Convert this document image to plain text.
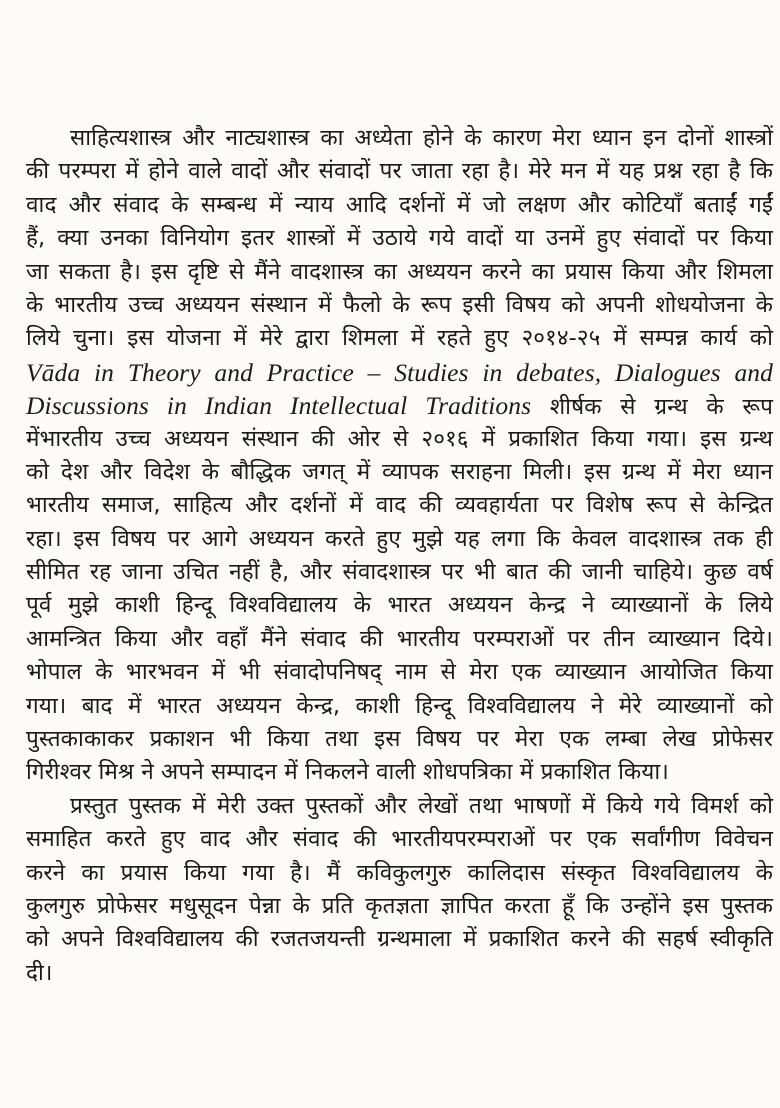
साहित्यशास्त्र और नाट्यशास्त्र का अध्येता होने के कारण मेरा ध्यान इन दोनों शास्त्रों
की परम्परा में होने वाले वादों और संवादों पर जाता रहा है। मेरे मन में यह प्रश्न रहा है कि
वाद और संवाद के सम्बन्ध में न्याय आदि दर्शनों में जो लक्षण और कोटियाँ बताईं गईं
हैं, क्या उनका विनियोग इतर शास्त्रों में उठाये गये वादों या उनमें हुए संवादों पर किया
जा सकता है। इस दृष्टि से मैंने वादशास्त्र का अध्ययन करने का प्रयास किया और शिमला
के भारतीय उच्च अध्ययन संस्थान में फैलो के रूप इसी विषय को अपनी शोधयोजना के
लिये चुना। इस योजना में मेरे द्वारा शिमला में रहते हुए २०१४-२५ में सम्पन्न कार्य को
Vāda in Theory and Practice – Studies in debates, Dialogues and
Discussions in Indian Intellectual Traditions शीर्षक से ग्रन्थ के रूप
मेंभारतीय उच्च अध्ययन संस्थान की ओर से २०१६ में प्रकाशित किया गया। इस ग्रन्थ
को देश और विदेश के बौद्धिक जगत् में व्यापक सराहना मिली। इस ग्रन्थ में मेरा ध्यान
भारतीय समाज, साहित्य और दर्शनों में वाद की व्यवहार्यता पर विशेष रूप से केन्द्रित
रहा। इस विषय पर आगे अध्ययन करते हुए मुझे यह लगा कि केवल वादशास्त्र तक ही
सीमित रह जाना उचित नहीं है, और संवादशास्त्र पर भी बात की जानी चाहिये। कुछ वर्ष
पूर्व मुझे काशी हिन्दू विश्वविद्यालय के भारत अध्ययन केन्द्र ने व्याख्यानों के लिये
आमन्त्रित किया और वहाँ मैंने संवाद की भारतीय परम्पराओं पर तीन व्याख्यान दिये।
भोपाल के भारभवन में भी संवादोपनिषद् नाम से मेरा एक व्याख्यान आयोजित किया
गया। बाद में भारत अध्ययन केन्द्र, काशी हिन्दू विश्वविद्यालय ने मेरे व्याख्यानों को
पुस्तकाकाकर प्रकाशन भी किया तथा इस विषय पर मेरा एक लम्बा लेख प्रोफेसर
गिरीश्वर मिश्र ने अपने सम्पादन में निकलने वाली शोधपत्रिका में प्रकाशित किया।
प्रस्तुत पुस्तक में मेरी उक्त पुस्तकों और लेखों तथा भाषणों में किये गये विमर्श को
समाहित करते हुए वाद और संवाद की भारतीयपरम्पराओं पर एक सर्वांगीण विवेचन
करने का प्रयास किया गया है। मैं कविकुलगुरु कालिदास संस्कृत विश्वविद्यालय के
कुलगुरु प्रोफेसर मधुसूदन पेन्ना के प्रति कृतज्ञता ज्ञापित करता हूँ कि उन्होंने इस पुस्तक
को अपने विश्वविद्यालय की रजतजयन्ती ग्रन्थमाला में प्रकाशित करने की सहर्ष स्वीकृति
दी।
